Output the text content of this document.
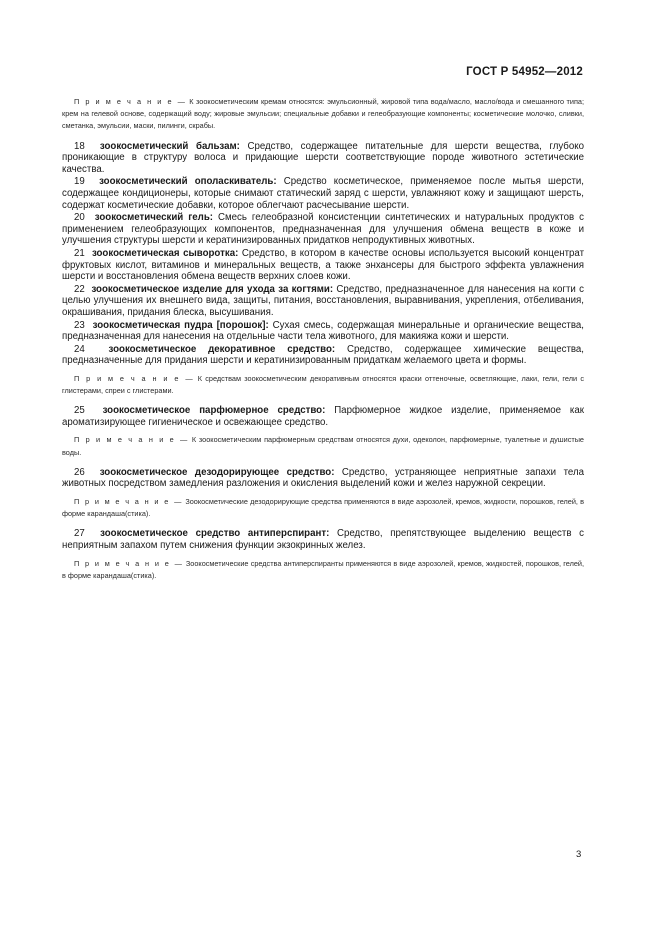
ГОСТ Р 54952—2012

П р и м е ч а н и е — К зоокосметическим кремам относятся: эмульсионный, жировой типа вода/масло, масло/вода и смешанного типа; крем на гелевой основе, содержащий воду; жировые эмульсии; специальные добавки и гелеобразующие компоненты; косметические молочко, сливки, сметанка, эмульсии, маски, пилинги, скрабы.

18 зоокосметический бальзам: Средство, содержащее питательные для шерсти вещества, глубоко проникающие в структуру волоса и придающие шерсти соответствующие породе животного эстетические качества.

19 зоокосметический ополаскиватель: Средство косметическое, применяемое после мытья шерсти, содержащее кондиционеры, которые снимают статический заряд с шерсти, увлажняют кожу и защищают шерсть, содержат косметические добавки, которое облегчают расчесывание шерсти.

20 зоокосметический гель: Смесь гелеобразной консистенции синтетических и натуральных продуктов с применением гелеобразующих компонентов, предназначенная для улучшения обмена веществ в коже и улучшения структуры шерсти и кератинизированных придатков непродуктивных животных.

21 зоокосметическая сыворотка: Средство, в котором в качестве основы используется высокий концентрат фруктовых кислот, витаминов и минеральных веществ, а также энхансеры для быстрого эффекта увлажнения шерсти и восстановления обмена веществ верхних слоев кожи.

22 зоокосметическое изделие для ухода за когтями: Средство, предназначенное для нанесения на когти с целью улучшения их внешнего вида, защиты, питания, восстановления, выравнивания, укрепления, отбеливания, окрашивания, придания блеска, высушивания.

23 зоокосметическая пудра [порошок]: Сухая смесь, содержащая минеральные и органические вещества, предназначенная для нанесения на отдельные части тела животного, для макияжа кожи и шерсти.

24 зоокосметическое декоративное средство: Средство, содержащее химические вещества, предназначенные для придания шерсти и кератинизированным придаткам желаемого цвета и формы.

П р и м е ч а н и е — К средствам зоокосметическим декоративным относятся краски оттеночные, осветляющие, лаки, гели, гели с глистерами, спреи с глистерами.

25 зоокосметическое парфюмерное средство: Парфюмерное жидкое изделие, применяемое как ароматизирующее гигиеническое и освежающее средство.

П р и м е ч а н и е — К зоокосметическим парфюмерным средствам относятся духи, одеколон, парфюмерные, туалетные и душистые воды.

26 зоокосметическое дезодорирующее средство: Средство, устраняющее неприятные запахи тела животных посредством замедления разложения и окисления выделений кожи и желез наружной секреции.

П р и м е ч а н и е — Зоокосметические дезодорирующие средства применяются в виде аэрозолей, кремов, жидкости, порошков, гелей, в форме карандаша(стика).

27 зоокосметическое средство антиперспирант: Средство, препятствующее выделению веществ с неприятным запахом путем снижения функции экзокринных желез.

П р и м е ч а н и е — Зоокосметические средства антиперспиранты применяются в виде аэрозолей, кремов, жидкостей, порошков, гелей, в форме карандаша(стика).

3
